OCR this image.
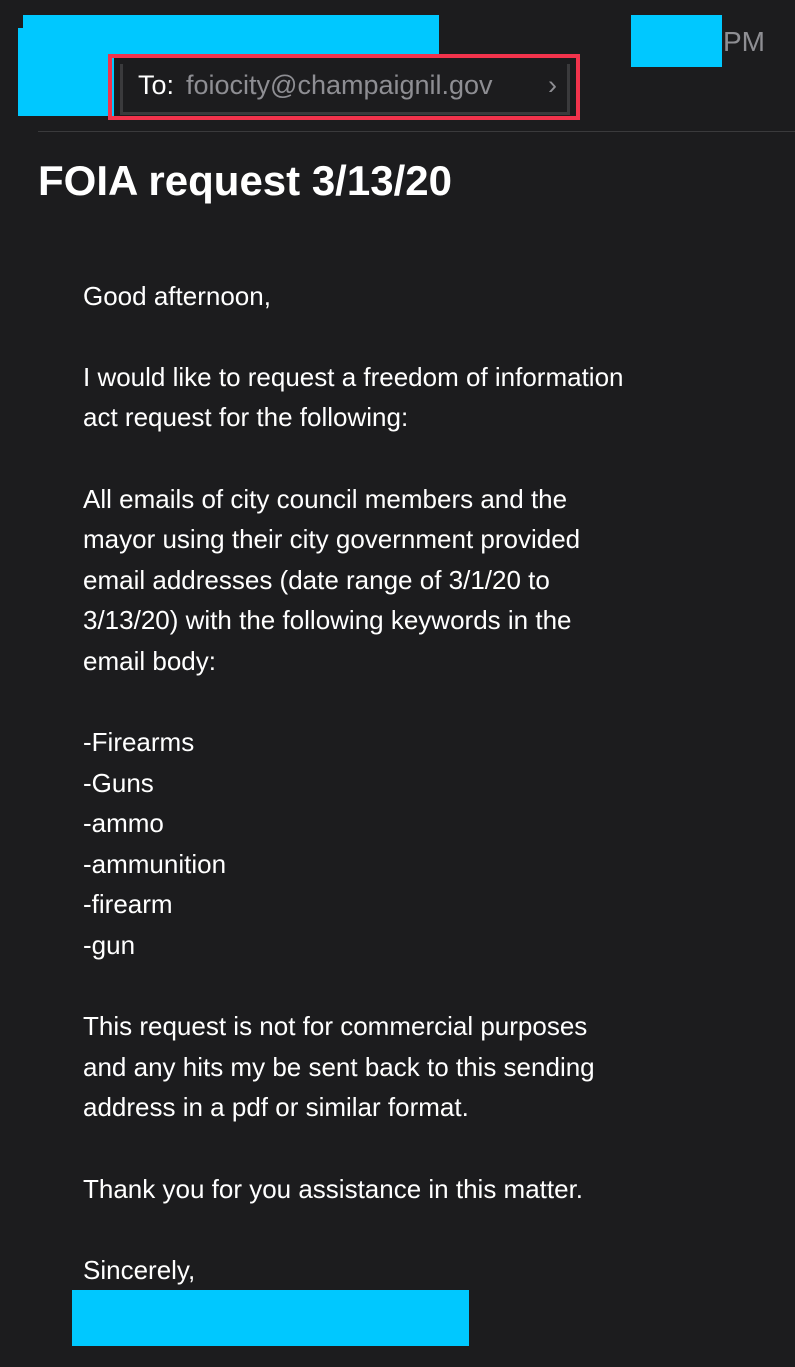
PM
To: foiocity@champaignil.gov ›
FOIA request 3/13/20
Good afternoon,
I would like to request a freedom of information
act request for the following:
All emails of city council members and the
mayor using their city government provided
email addresses (date range of 3/1/20 to
3/13/20) with the following keywords in the
email body:
-Firearms
-Guns
-ammo
-ammunition
-firearm
-gun
This request is not for commercial purposes
and any hits my be sent back to this sending
address in a pdf or similar format.
Thank you for you assistance in this matter.
Sincerely,
